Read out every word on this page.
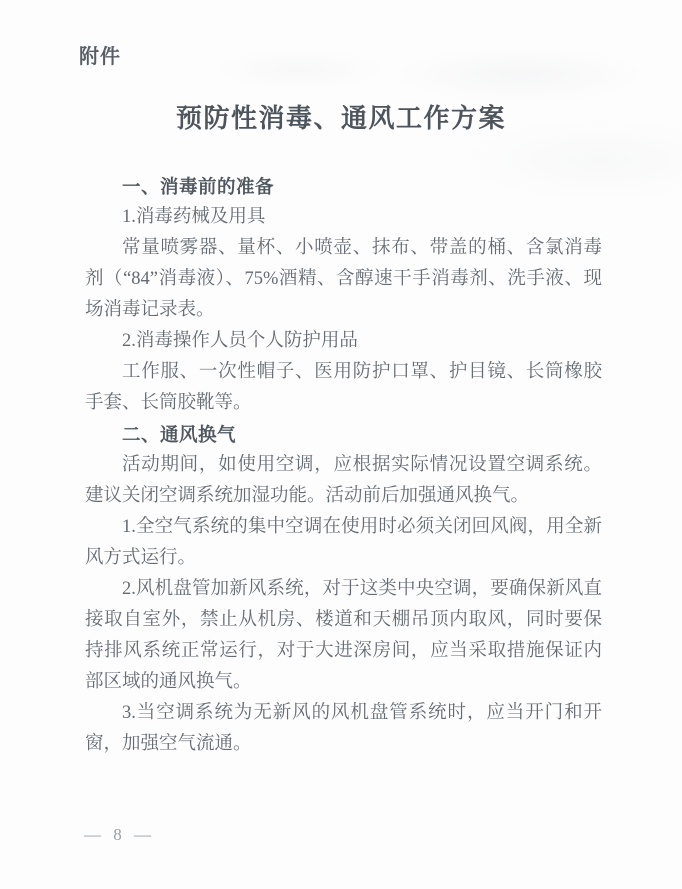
附件
预防性消毒、通风工作方案

一、消毒前的准备

1.消毒药械及用具

常量喷雾器、量杯、小喷壶、抹布、带盖的桶、含氯消毒剂（“84”消毒液）、75%酒精、含醇速干手消毒剂、洗手液、现场消毒记录表。

2.消毒操作人员个人防护用品

工作服、一次性帽子、医用防护口罩、护目镜、长筒橡胶手套、长筒胶靴等。

二、通风换气

活动期间，如使用空调，应根据实际情况设置空调系统。建议关闭空调系统加湿功能。活动前后加强通风换气。

1.全空气系统的集中空调在使用时必须关闭回风阀，用全新风方式运行。

2.风机盘管加新风系统，对于这类中央空调，要确保新风直接取自室外，禁止从机房、楼道和天棚吊顶内取风，同时要保持排风系统正常运行，对于大进深房间，应当采取措施保证内部区域的通风换气。

3.当空调系统为无新风的风机盘管系统时，应当开门和开窗，加强空气流通。

— 8 —
